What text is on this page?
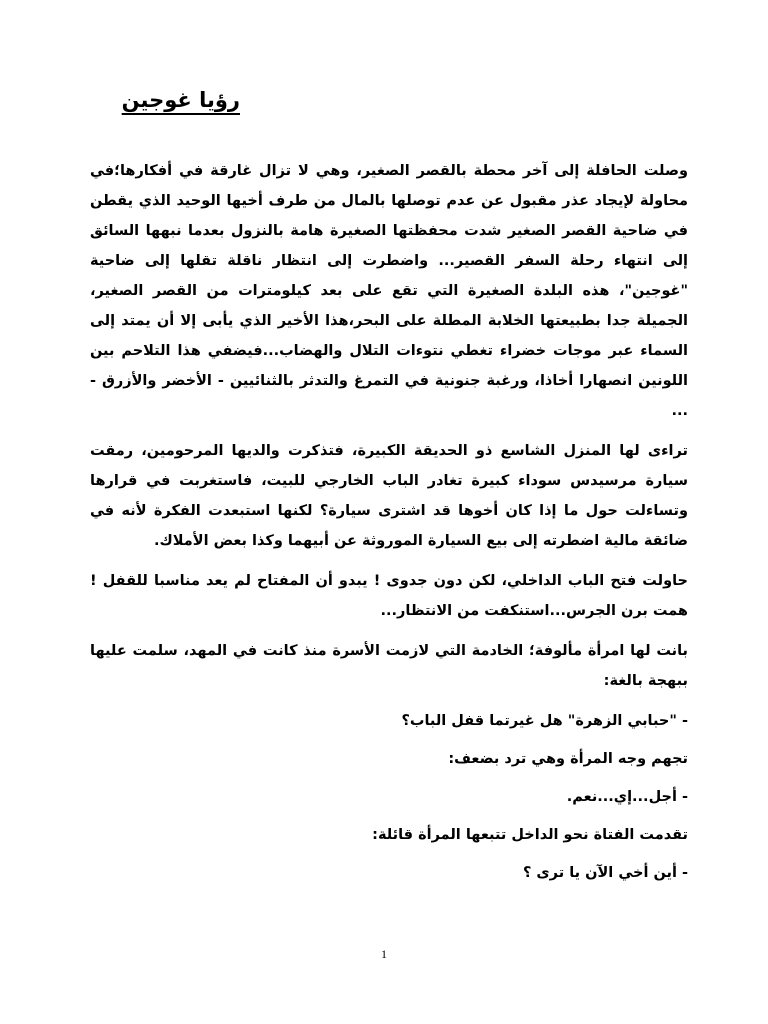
رؤيا غوجين

وصلت الحافلة إلى آخر محطة بالقصر الصغير، وهي لا تزال غارقة في أفكارها؛في محاولة لإيجاد عذر مقبول عن عدم توصلها بالمال من طرف أخيها الوحيد الذي يقطن في ضاحية القصر الصغير شدت محفظتها الصغيرة هامة بالنزول بعدما نبهها السائق إلى انتهاء رحلة السفر القصير... واضطرت إلى انتظار ناقلة تقلها إلى ضاحية "غوجين"، هذه البلدة الصغيرة التي تقع على بعد كيلومترات من القصر الصغير، الجميلة جدا بطبيعتها الخلابة المطلة على البحر،هذا الأخير الذي يأبى إلا أن يمتد إلى السماء عبر موجات خضراء تغطي نتوءات التلال والهضاب...فيضفي هذا التلاحم بين اللونين انصهارا أخاذا، ورغبة جنونية في التمرغ والتدثر بالثنائيين - الأخضر والأزرق - ...

تراءى لها المنزل الشاسع ذو الحديقة الكبيرة، فتذكرت والديها المرحومين، رمقت سيارة مرسيدس سوداء كبيرة تغادر الباب الخارجي للبيت، فاستغربت في قرارها وتساءلت حول ما إذا كان أخوها قد اشترى سيارة؟ لكنها استبعدت الفكرة لأنه في ضائقة مالية اضطرته إلى بيع السيارة الموروثة عن أبيهما وكذا بعض الأملاك.

حاولت فتح الباب الداخلي، لكن دون جدوى ! يبدو أن المفتاح لم يعد مناسبا للقفل ! همت برن الجرس...استنكفت من الانتظار...

بانت لها امرأة مألوفة؛ الخادمة التي لازمت الأسرة منذ كانت في المهد، سلمت عليها ببهجة بالغة:

- "حبابي الزهرة" هل غيرتما قفل الباب؟

تجهم وجه المرأة وهي ترد بضعف:

- أجل...إي...نعم.

تقدمت الفتاة نحو الداخل تتبعها المرأة قائلة:

- أين أخي الآن يا ترى ؟

1
